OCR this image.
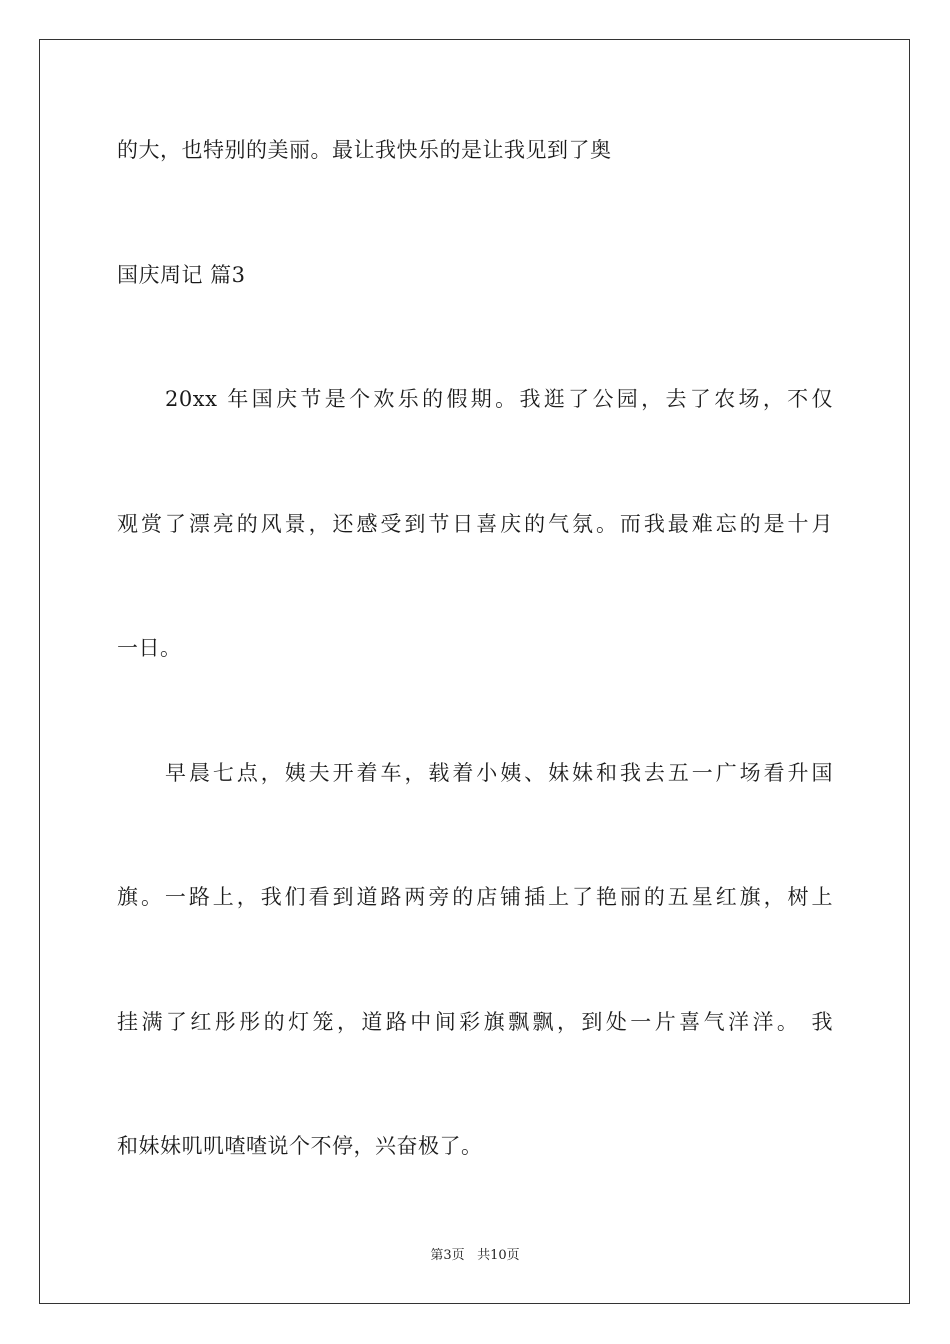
的大，也特别的美丽。最让我快乐的是让我见到了奥
国庆周记 篇3
20xx 年国庆节是个欢乐的假期。我逛了公园，去了农场，不仅
观赏了漂亮的风景，还感受到节日喜庆的气氛。而我最难忘的是十月
一日。
早晨七点，姨夫开着车，载着小姨、妹妹和我去五一广场看升国
旗。一路上，我们看到道路两旁的店铺插上了艳丽的五星红旗，树上
挂满了红彤彤的灯笼，道路中间彩旗飘飘，到处一片喜气洋洋。 我
和妹妹叽叽喳喳说个不停，兴奋极了。
第3页 共10页
